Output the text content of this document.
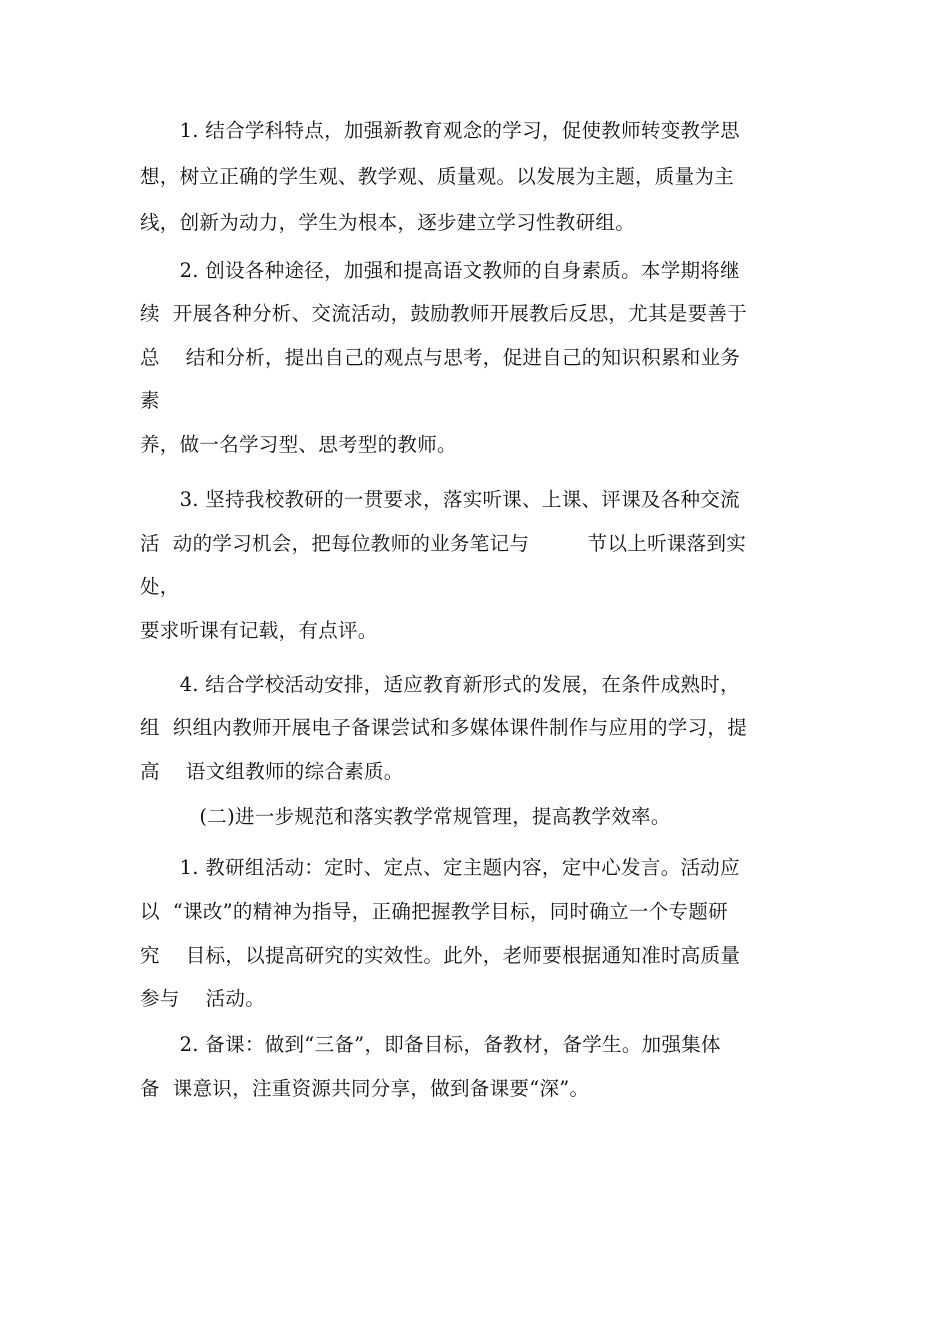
　　1. 结合学科特点，加强新教育观念的学习，促使教师转变教学思
想，树立正确的学生观、教学观、质量观。以发展为主题，质量为主
线，创新为动力，学生为根本，逐步建立学习性教研组。
　　2. 创设各种途径，加强和提高语文教师的自身素质。本学期将继
续  开展各种分析、交流活动，鼓励教师开展教后反思，尤其是要善于
总    结和分析，提出自己的观点与思考，促进自己的知识积累和业务
素
养，做一名学习型、思考型的教师。
　　3. 坚持我校教研的一贯要求，落实听课、上课、评课及各种交流
活  动的学习机会，把每位教师的业务笔记与         节以上听课落到实
处，
要求听课有记载，有点评。
　　4. 结合学校活动安排，适应教育新形式的发展，在条件成熟时，
组  织组内教师开展电子备课尝试和多媒体课件制作与应用的学习，提
高    语文组教师的综合素质。
　　　(二)进一步规范和落实教学常规管理，提高教学效率。
　　1. 教研组活动：定时、定点、定主题内容，定中心发言。活动应
以  “课改”的精神为指导，正确把握教学目标，同时确立一个专题研
究    目标，以提高研究的实效性。此外，老师要根据通知准时高质量
参与    活动。
　　2. 备课：做到“三备”，即备目标，备教材，备学生。加强集体
备  课意识，注重资源共同分享，做到备课要“深”。
